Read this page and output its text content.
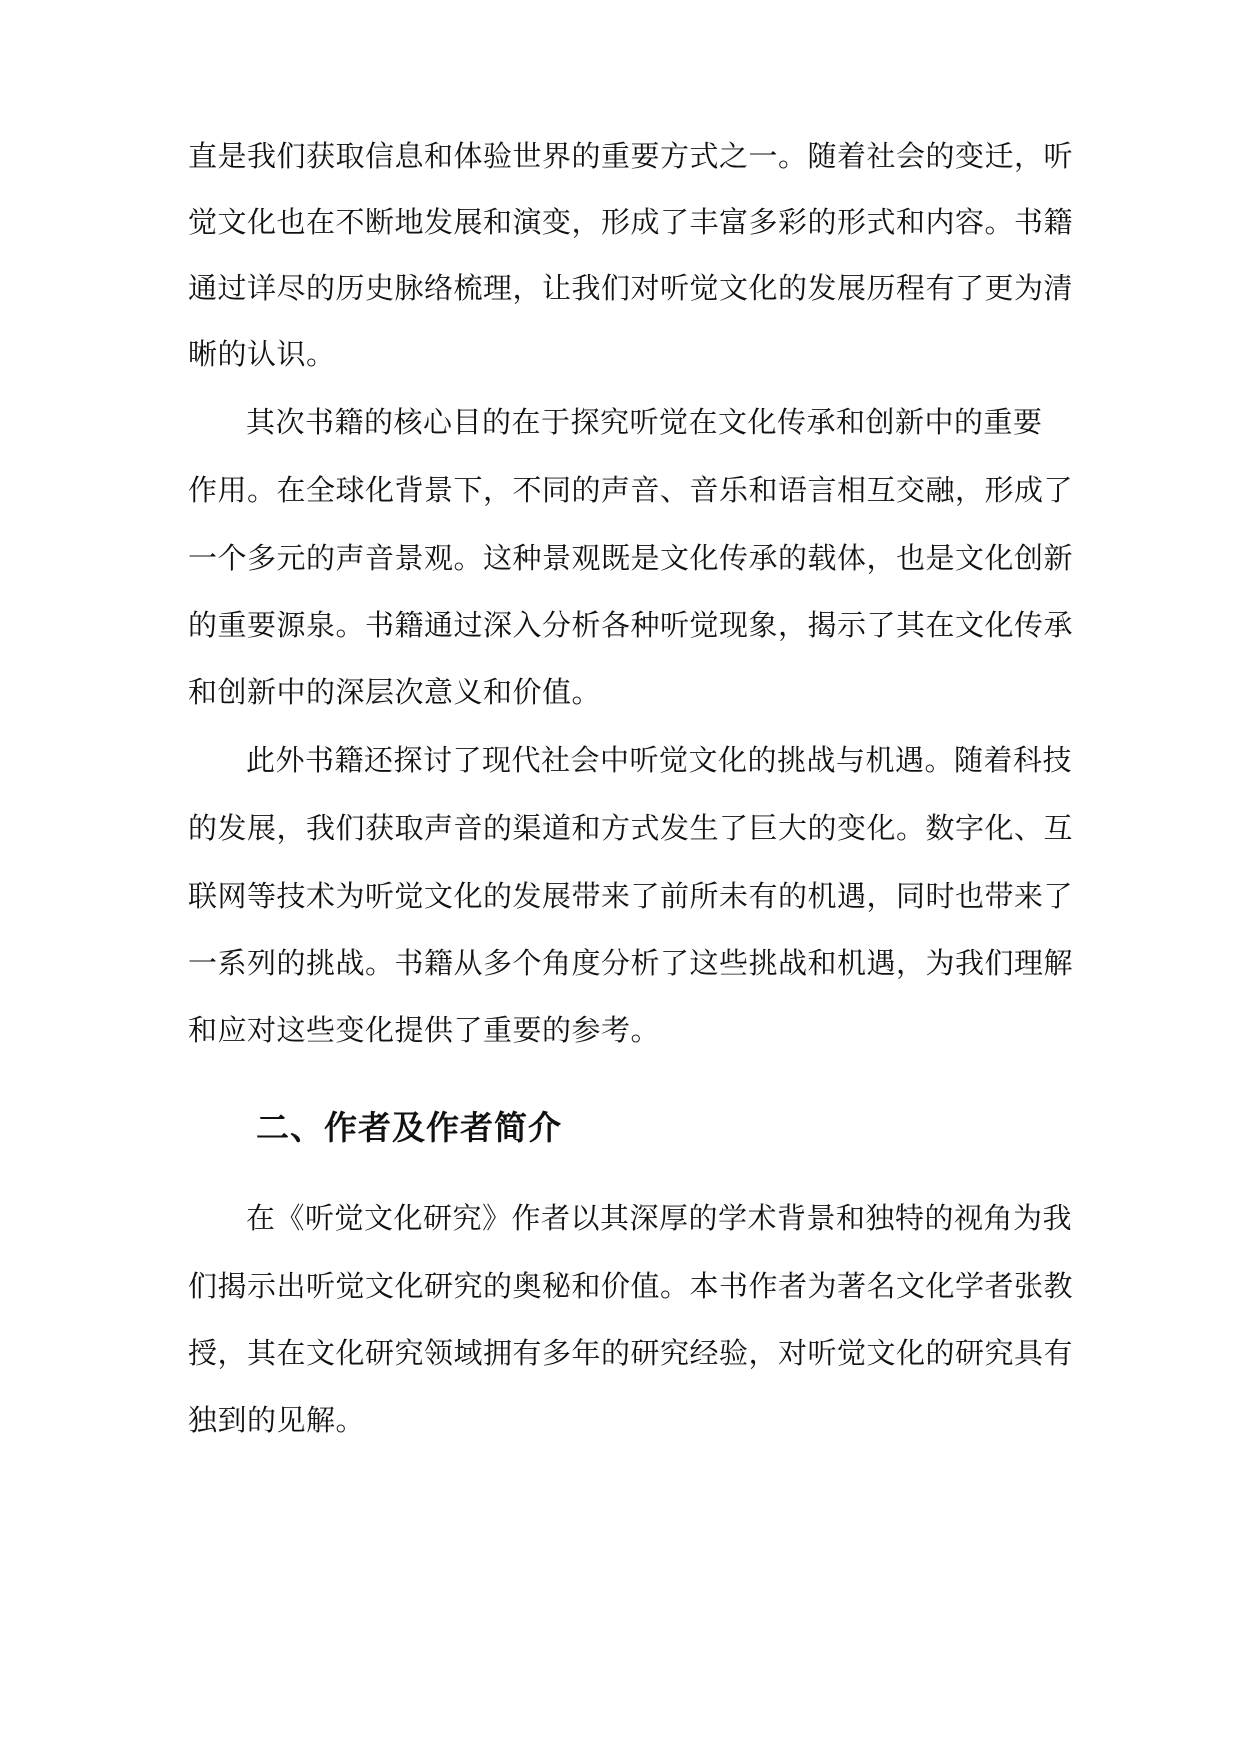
直是我们获取信息和体验世界的重要方式之一。随着社会的变迁，听
觉文化也在不断地发展和演变，形成了丰富多彩的形式和内容。书籍
通过详尽的历史脉络梳理，让我们对听觉文化的发展历程有了更为清
晰的认识。
其次书籍的核心目的在于探究听觉在文化传承和创新中的重要
作用。在全球化背景下，不同的声音、音乐和语言相互交融，形成了
一个多元的声音景观。这种景观既是文化传承的载体，也是文化创新
的重要源泉。书籍通过深入分析各种听觉现象，揭示了其在文化传承
和创新中的深层次意义和价值。
此外书籍还探讨了现代社会中听觉文化的挑战与机遇。随着科技
的发展，我们获取声音的渠道和方式发生了巨大的变化。数字化、互
联网等技术为听觉文化的发展带来了前所未有的机遇，同时也带来了
一系列的挑战。书籍从多个角度分析了这些挑战和机遇，为我们理解
和应对这些变化提供了重要的参考。
二、作者及作者简介
在《听觉文化研究》作者以其深厚的学术背景和独特的视角为我
们揭示出听觉文化研究的奥秘和价值。本书作者为著名文化学者张教
授，其在文化研究领域拥有多年的研究经验，对听觉文化的研究具有
独到的见解。
